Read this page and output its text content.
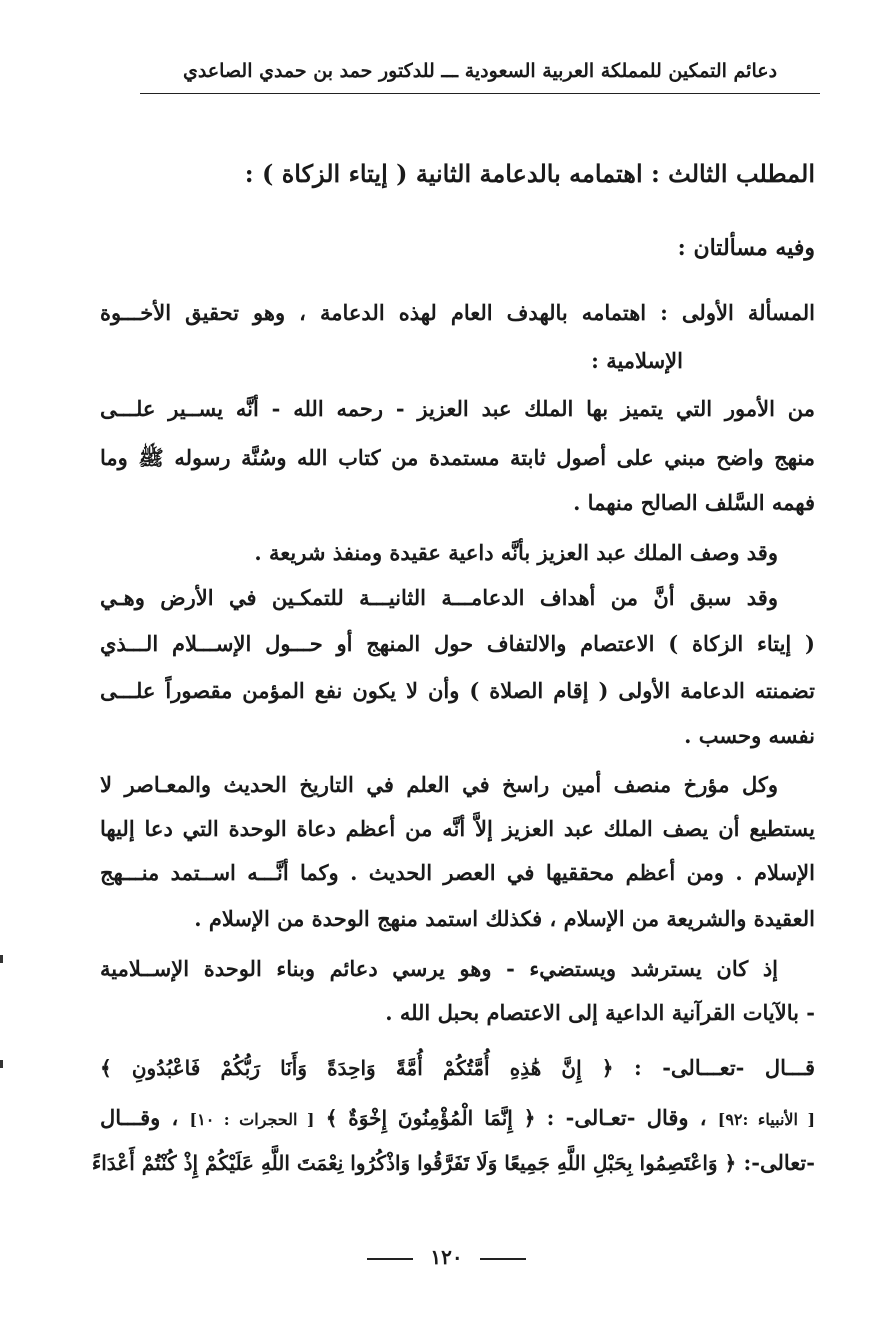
دعائم التمكين للمملكة العربية السعودية ـــ للدكتور حمد بن حمدي الصاعدي
المطلب الثالث : اهتمامه بالدعامة الثانية ( إيتاء الزكاة ) :
وفيه مسألتان :
المسألة الأولى : اهتمامه بالهدف العام لهذه الدعامة ، وهو تحقيق الأخـــوة
الإسلامية :
من الأمور التي يتميز بها الملك عبد العزيز - رحمه الله - أنَّه يســير علـــى
منهج واضح مبني على أصول ثابتة مستمدة من كتاب الله وسُنَّة رسوله ﷺ وما
فهمه السَّلف الصالح منهما .
وقد وصف الملك عبد العزيز بأنَّه داعية عقيدة ومنفذ شريعة .
وقد سبق أنَّ من أهداف الدعامـــة الثانيـــة للتمكـين في الأرض وهـي
( إيتاء الزكاة ) الاعتصام والالتفاف حول المنهج أو حـــول الإســـلام الـــذي
تضمنته الدعامة الأولى ( إقام الصلاة ) وأن لا يكون نفع المؤمن مقصوراً علـــى
نفسه وحسب .
وكل مؤرخ منصف أمين راسخ في العلم في التاريخ الحديث والمعـاصر لا
يستطيع أن يصف الملك عبد العزيز إلاَّ أنَّه من أعظم دعاة الوحدة التي دعا إليها
الإسلام . ومن أعظم محققيها في العصر الحديث . وكما أنَّـــه اســتمد منـــهج
العقيدة والشريعة من الإسلام ، فكذلك استمد منهج الوحدة من الإسلام .
إذ كان يسترشد ويستضيء - وهو يرسي دعائم وبناء الوحدة الإســلامية
- بالآيات القرآنية الداعية إلى الاعتصام بحبل الله .
قـــال -تعـــالى- : ﴿ إِنَّ هَٰذِهِ أُمَّتُكُمْ أُمَّةً وَاحِدَةً وَأَنَا رَبُّكُمْ فَاعْبُدُونِ ﴾
[ الأنبياء :٩٢] ، وقال -تعـالى- : ﴿ إِنَّمَا الْمُؤْمِنُونَ إِخْوَةٌ ﴾ [ الحجرات : ١٠] ، وقـــال
-تعالى-: ﴿ وَاعْتَصِمُوا بِحَبْلِ اللَّهِ جَمِيعًا وَلَا تَفَرَّقُوا وَاذْكُرُوا نِعْمَتَ اللَّهِ عَلَيْكُمْ إِذْ كُنْتُمْ أَعْدَاءً
١٢٠
